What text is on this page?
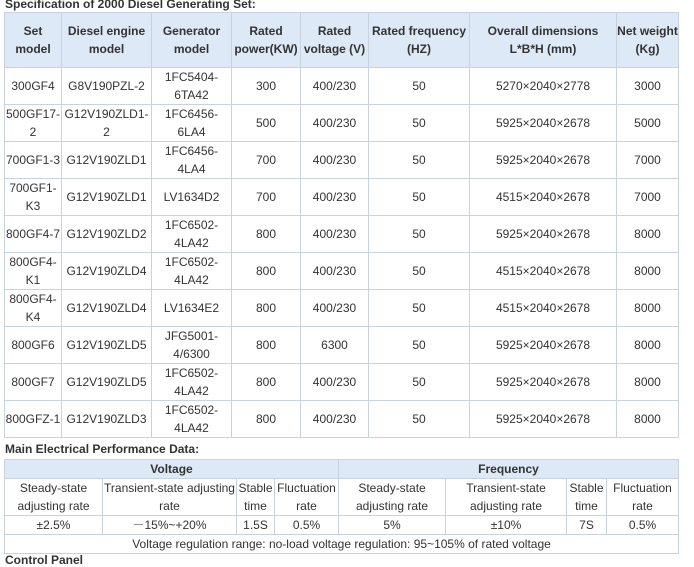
Specification of 2000 Diesel Generating Set:
Set model	Diesel engine model	Generator model	Rated power(KW)	Rated voltage (V)	Rated frequency (HZ)	Overall dimensions L*B*H (mm)	Net weight (Kg)
300GF4	G8V190PZL-2	1FC5404-6TA42	300	400/230	50	5270×2040×2778	3000
500GF17-2	G12V190ZLD1-2	1FC6456-6LA4	500	400/230	50	5925×2040×2678	5000
700GF1-3	G12V190ZLD1	1FC6456-4LA4	700	400/230	50	5925×2040×2678	7000
700GF1-K3	G12V190ZLD1	LV1634D2	700	400/230	50	4515×2040×2678	7000
800GF4-7	G12V190ZLD2	1FC6502-4LA42	800	400/230	50	5925×2040×2678	8000
800GF4-K1	G12V190ZLD4	1FC6502-4LA42	800	400/230	50	4515×2040×2678	8000
800GF4-K4	G12V190ZLD4	LV1634E2	800	400/230	50	4515×2040×2678	8000
800GF6	G12V190ZLD5	JFG5001-4/6300	800	6300	50	5925×2040×2678	8000
800GF7	G12V190ZLD5	1FC6502-4LA42	800	400/230	50	5925×2040×2678	8000
800GFZ-1	G12V190ZLD3	1FC6502-4LA42	800	400/230	50	5925×2040×2678	8000
Main Electrical Performance Data:
Voltage				Frequency			
Steady-state adjusting rate	Transient-state adjusting rate	Stable time	Fluctuation rate	Steady-state adjusting rate	Transient-state adjusting rate	Stable time	Fluctuation rate
±2.5%	－15%~+20%	1.5S	0.5%	5%	±10%	7S	0.5%
Voltage regulation range: no-load voltage regulation: 95~105% of rated voltage							
Control Panel
